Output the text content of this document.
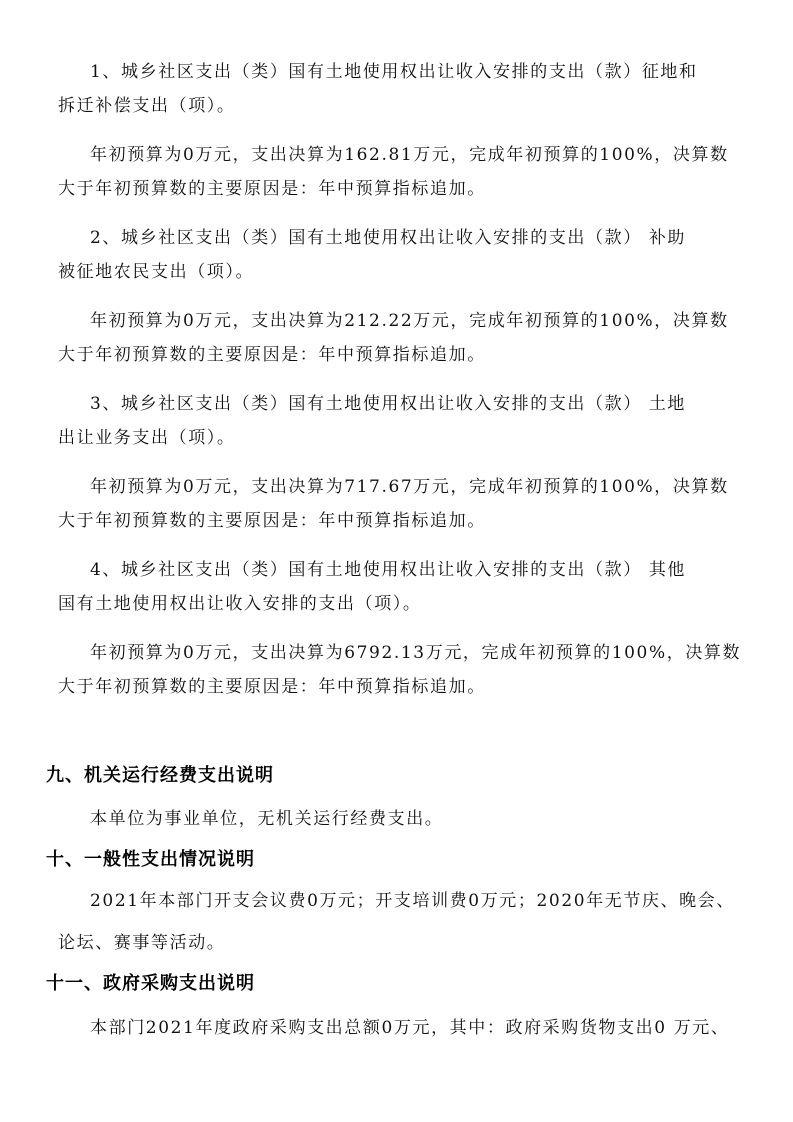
1、城乡社区支出（类）国有土地使用权出让收入安排的支出（款）征地和
拆迁补偿支出（项）。
年初预算为0万元，支出决算为162.81万元，完成年初预算的100%，决算数
大于年初预算数的主要原因是：年中预算指标追加。
2、城乡社区支出（类）国有土地使用权出让收入安排的支出（款） 补助
被征地农民支出（项）。
年初预算为0万元，支出决算为212.22万元，完成年初预算的100%，决算数
大于年初预算数的主要原因是：年中预算指标追加。
3、城乡社区支出（类）国有土地使用权出让收入安排的支出（款） 土地
出让业务支出（项）。
年初预算为0万元，支出决算为717.67万元，完成年初预算的100%，决算数
大于年初预算数的主要原因是：年中预算指标追加。
4、城乡社区支出（类）国有土地使用权出让收入安排的支出（款） 其他
国有土地使用权出让收入安排的支出（项）。
年初预算为0万元，支出决算为6792.13万元，完成年初预算的100%，决算数
大于年初预算数的主要原因是：年中预算指标追加。
九、机关运行经费支出说明
本单位为事业单位，无机关运行经费支出。
十、一般性支出情况说明
2021年本部门开支会议费0万元；开支培训费0万元；2020年无节庆、晚会、
论坛、赛事等活动。
十一、政府采购支出说明
本部门2021年度政府采购支出总额0万元，其中：政府采购货物支出0 万元、
